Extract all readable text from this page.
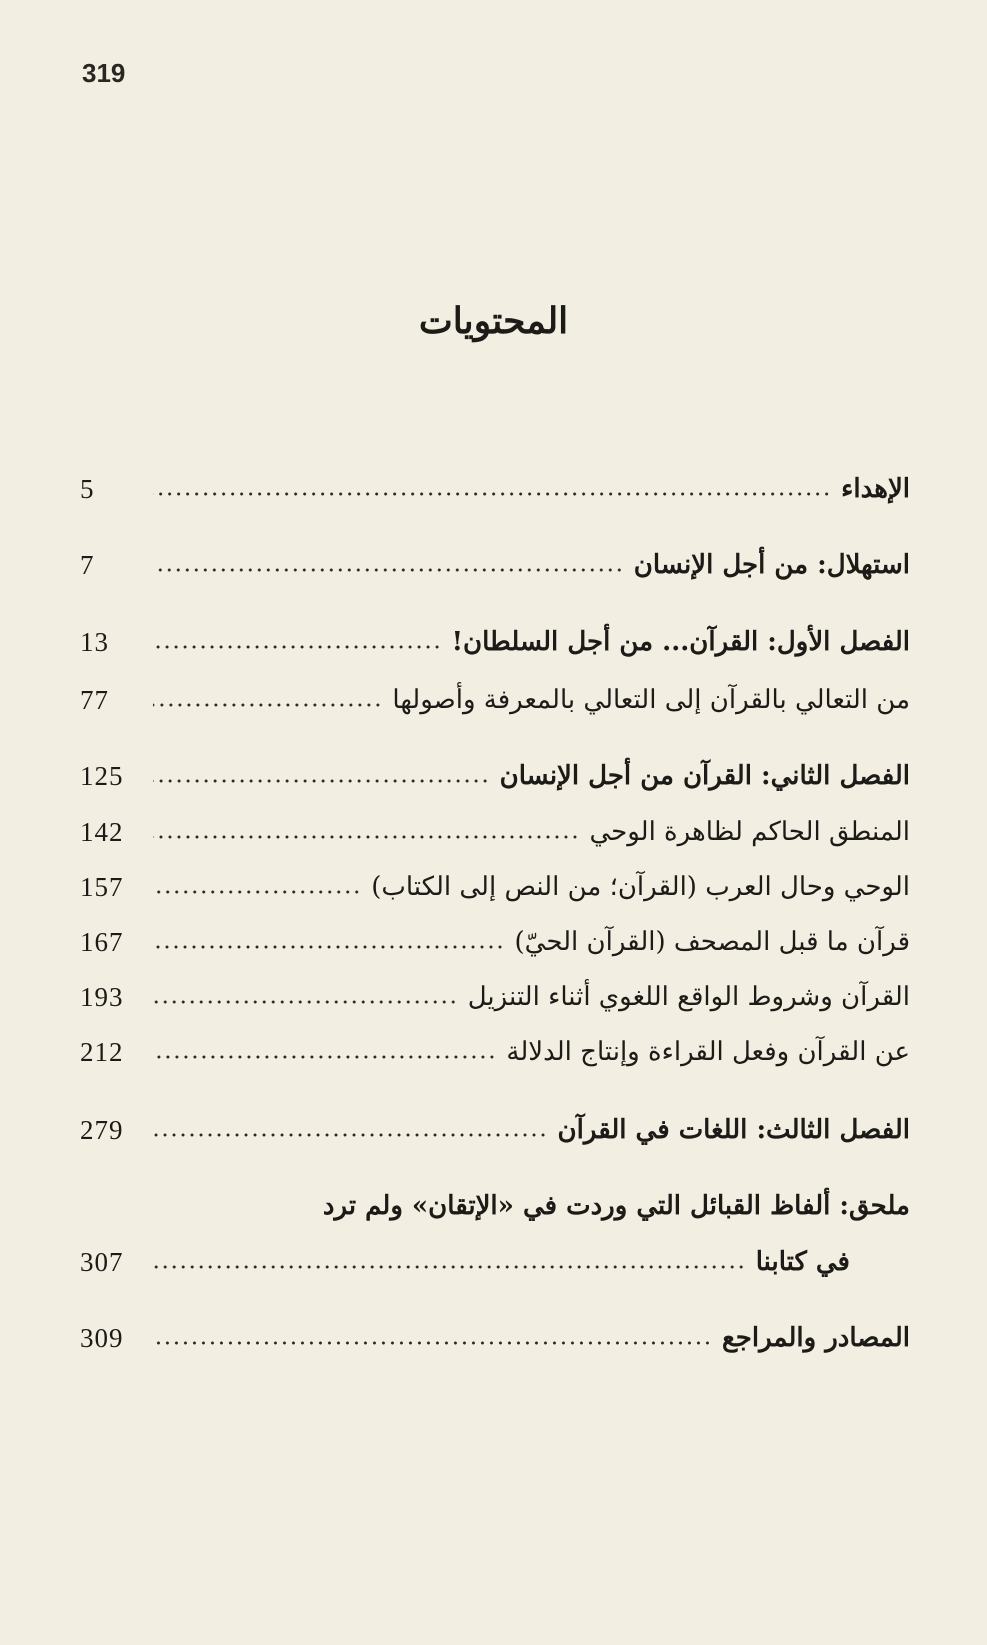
319
المحتويات
5	الإهداء
7	استهلال: من أجل الإنسان
13	الفصل الأول: القرآن... من أجل السلطان!
77	من التعالي بالقرآن إلى التعالي بالمعرفة وأصولها
125	الفصل الثاني: القرآن من أجل الإنسان
142	المنطق الحاكم لظاهرة الوحي
157	الوحي وحال العرب (القرآن؛ من النص إلى الكتاب)
167	قرآن ما قبل المصحف (القرآن الحيّ)
193	القرآن وشروط الواقع اللغوي أثناء التنزيل
212	عن القرآن وفعل القراءة وإنتاج الدلالة
279	الفصل الثالث: اللغات في القرآن
ملحق: ألفاظ القبائل التي وردت في «الإتقان» ولم ترد
307	في كتابنا
309	المصادر والمراجع
